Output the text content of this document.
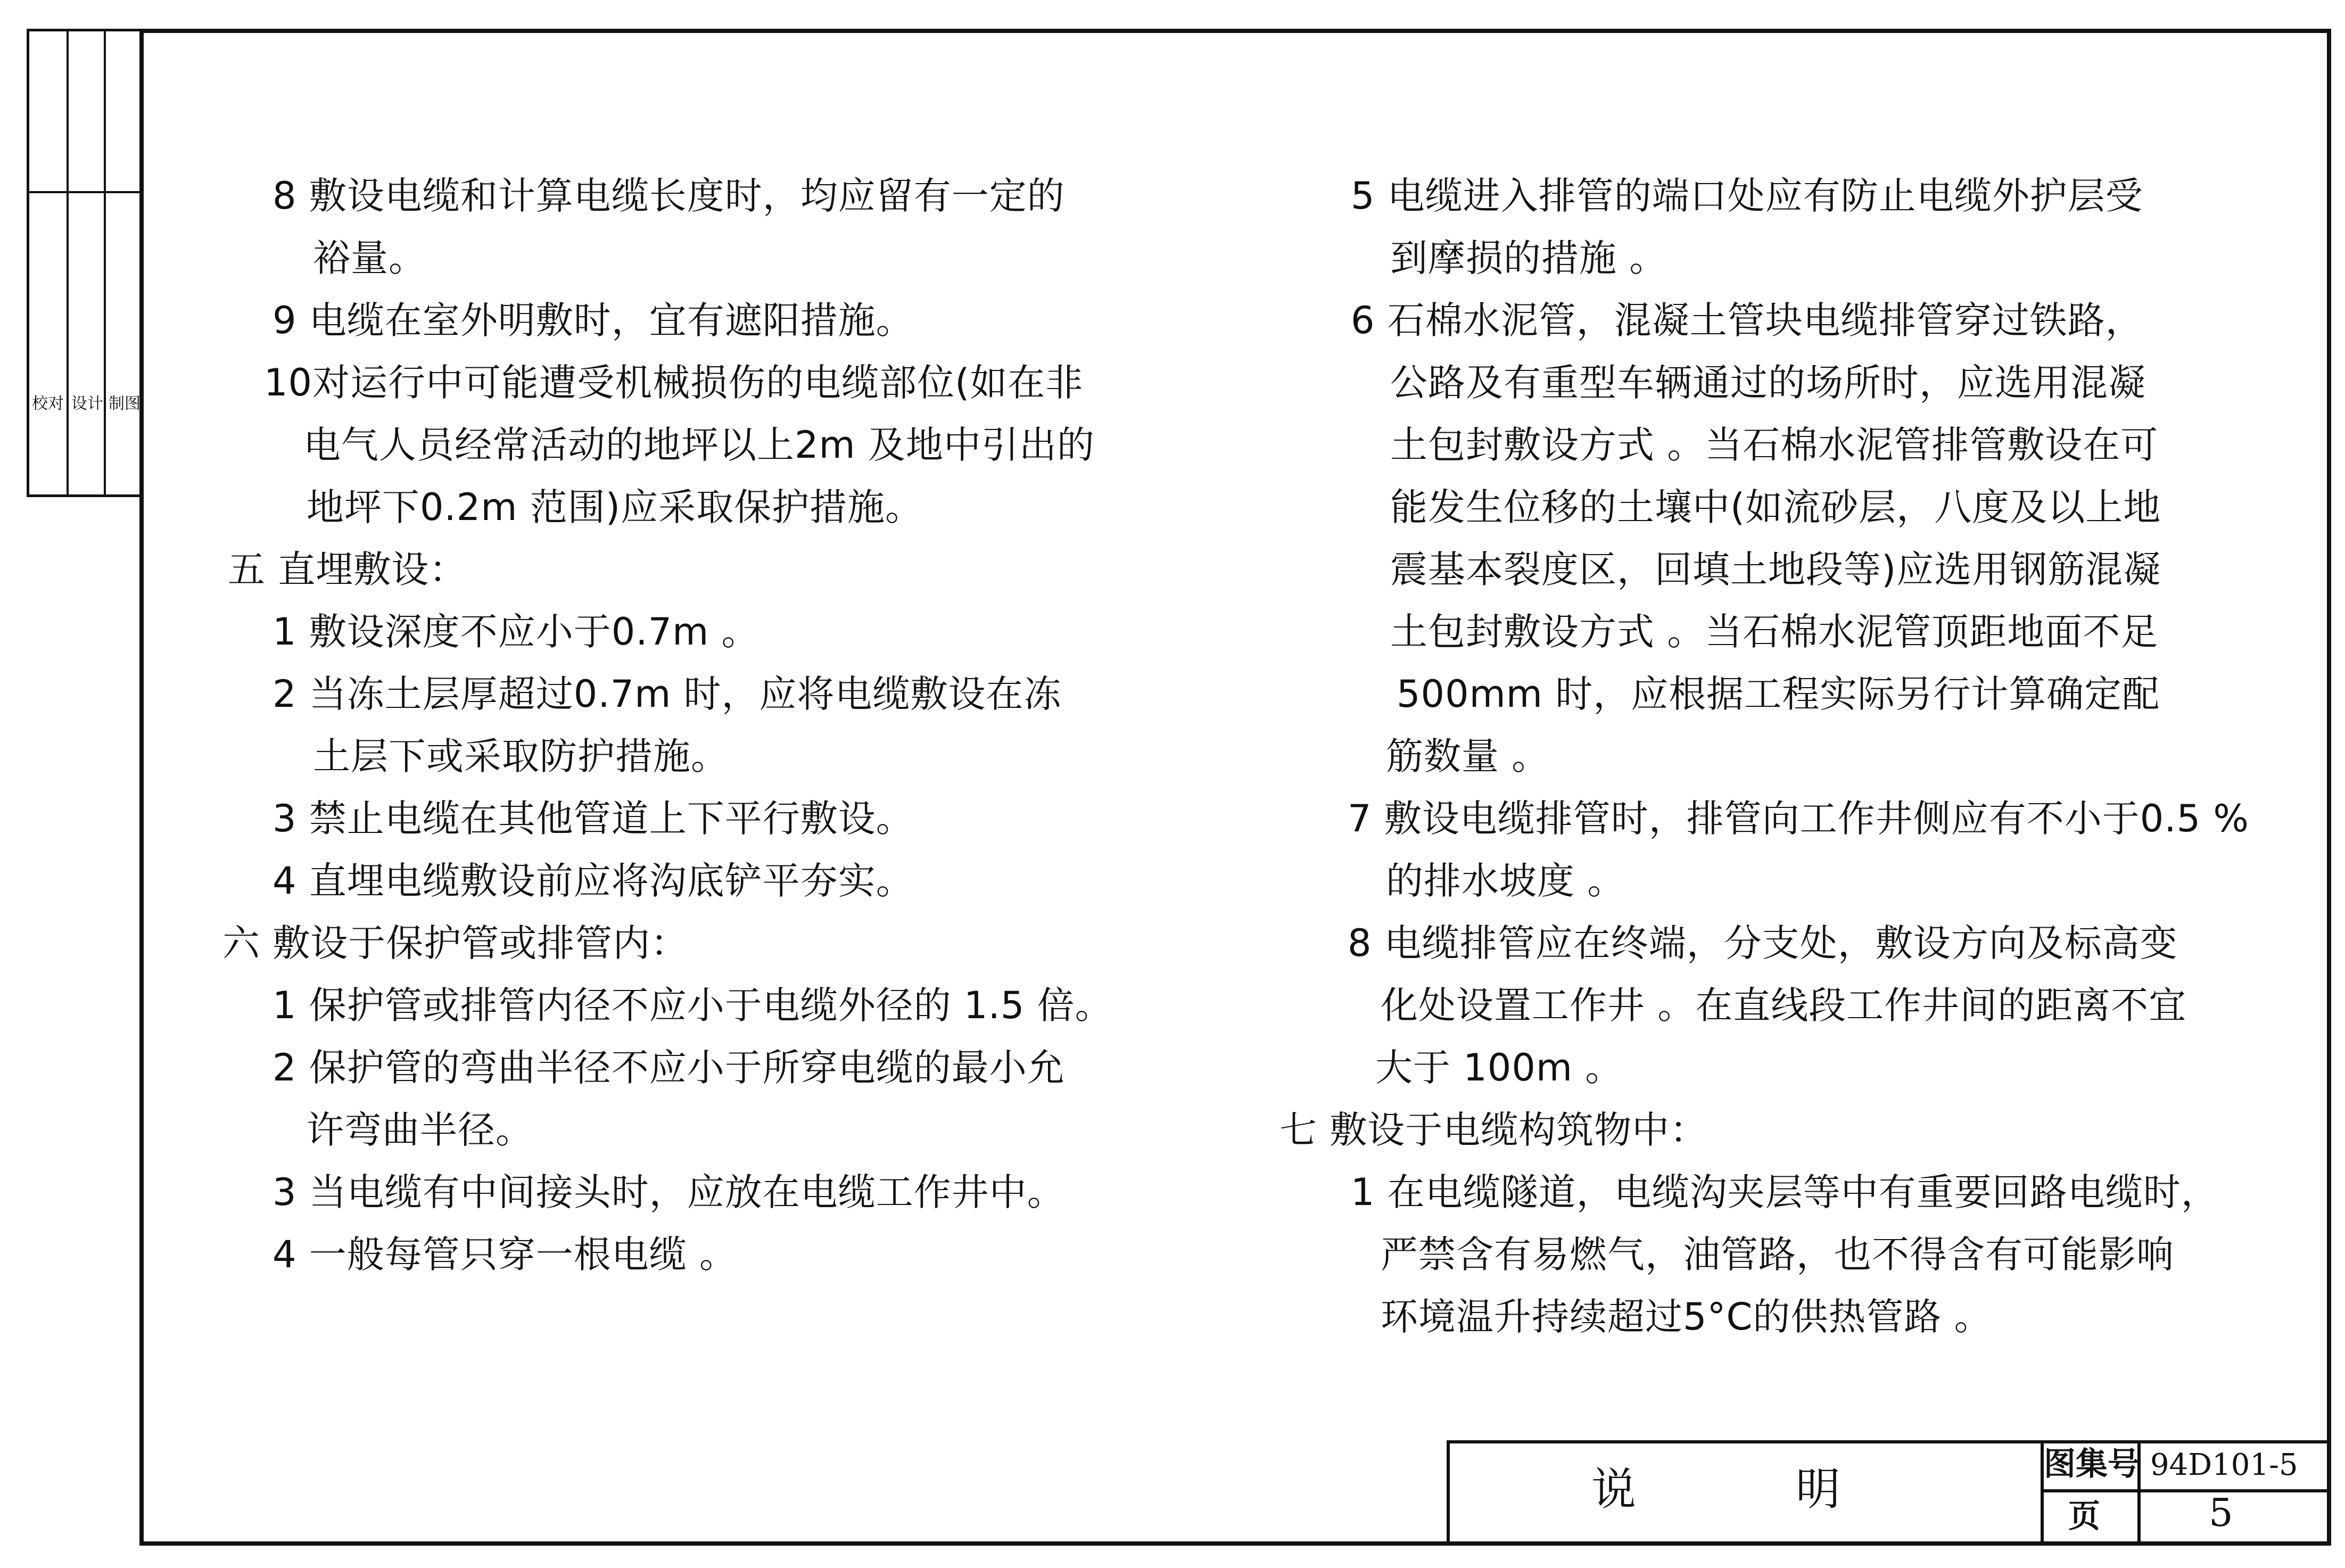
校对 设计 制图
8 敷设电缆和计算电缆长度时，均应留有一定的
裕量。
9 电缆在室外明敷时，宜有遮阳措施。
10对运行中可能遭受机械损伤的电缆部位(如在非
电气人员经常活动的地坪以上2m 及地中引出的
地坪下0.2m 范围)应采取保护措施。
五 直埋敷设：
1 敷设深度不应小于0.7m 。
2 当冻土层厚超过0.7m 时，应将电缆敷设在冻
土层下或采取防护措施。
3 禁止电缆在其他管道上下平行敷设。
4 直埋电缆敷设前应将沟底铲平夯实。
六 敷设于保护管或排管内：
1 保护管或排管内径不应小于电缆外径的 1.5 倍。
2 保护管的弯曲半径不应小于所穿电缆的最小允
许弯曲半径。
3 当电缆有中间接头时，应放在电缆工作井中。
4 一般每管只穿一根电缆 。
5 电缆进入排管的端口处应有防止电缆外护层受
到摩损的措施 。
6 石棉水泥管，混凝土管块电缆排管穿过铁路，
公路及有重型车辆通过的场所时，应选用混凝
土包封敷设方式 。当石棉水泥管排管敷设在可
能发生位移的土壤中(如流砂层，八度及以上地
震基本裂度区，回填土地段等)应选用钢筋混凝
土包封敷设方式 。当石棉水泥管顶距地面不足
500mm 时，应根据工程实际另行计算确定配
筋数量 。
7 敷设电缆排管时，排管向工作井侧应有不小于0.5 %
的排水坡度 。
8 电缆排管应在终端，分支处，敷设方向及标高变
化处设置工作井 。在直线段工作井间的距离不宜
大于 100m 。
七 敷设于电缆构筑物中：
1 在电缆隧道，电缆沟夹层等中有重要回路电缆时，
严禁含有易燃气，油管路，也不得含有可能影响
环境温升持续超过5°C的供热管路 。
说明 图集号 94D101-5
页	5
